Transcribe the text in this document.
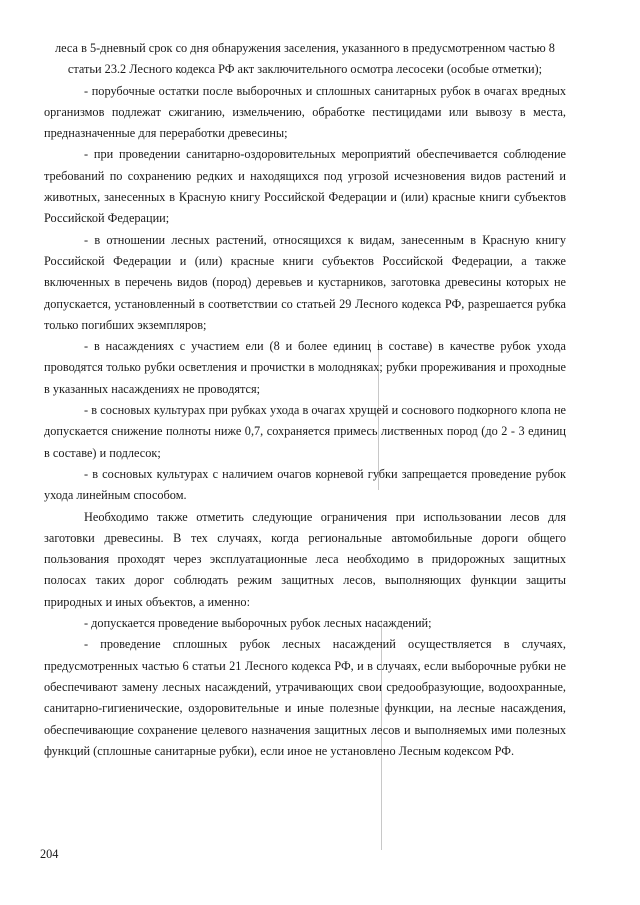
леса в 5-дневный срок со дня обнаружения заселения, указанного в предусмотренном частью 8 статьи 23.2 Лесного кодекса РФ акт заключительного осмотра лесосеки (особые отметки);

- порубочные остатки после выборочных и сплошных санитарных рубок в очагах вредных организмов подлежат сжиганию, измельчению, обработке пестицидами или вывозу в места, предназначенные для переработки древесины;

- при проведении санитарно-оздоровительных мероприятий обеспечивается соблюдение требований по сохранению редких и находящихся под угрозой исчезновения видов растений и животных, занесенных в Красную книгу Российской Федерации и (или) красные книги субъектов Российской Федерации;

- в отношении лесных растений, относящихся к видам, занесенным в Красную книгу Российской Федерации и (или) красные книги субъектов Российской Федерации, а также включенных в перечень видов (пород) деревьев и кустарников, заготовка древесины которых не допускается, установленный в соответствии со статьей 29 Лесного кодекса РФ, разрешается рубка только погибших экземпляров;

- в насаждениях с участием ели (8 и более единиц в составе) в качестве рубок ухода проводятся только рубки осветления и прочистки в молодняках; рубки прореживания и проходные в указанных насаждениях не проводятся;

- в сосновых культурах при рубках ухода в очагах хрущей и соснового подкорного клопа не допускается снижение полноты ниже 0,7, сохраняется примесь лиственных пород (до 2 - 3 единиц в составе) и подлесок;

- в сосновых культурах с наличием очагов корневой губки запрещается проведение рубок ухода линейным способом.

Необходимо также отметить следующие ограничения при использовании лесов для заготовки древесины. В тех случаях, когда региональные автомобильные дороги общего пользования проходят через эксплуатационные леса необходимо в придорожных защитных полосах таких дорог соблюдать режим защитных лесов, выполняющих функции защиты природных и иных объектов, а именно:

- допускается проведение выборочных рубок лесных насаждений;

- проведение сплошных рубок лесных насаждений осуществляется в случаях, предусмотренных частью 6 статьи 21 Лесного кодекса РФ, и в случаях, если выборочные рубки не обеспечивают замену лесных насаждений, утрачивающих свои средообразующие, водоохранные, санитарно-гигиенические, оздоровительные и иные полезные функции, на лесные насаждения, обеспечивающие сохранение целевого назначения защитных лесов и выполняемых ими полезных функций (сплошные санитарные рубки), если иное не установлено Лесным кодексом РФ.

204
